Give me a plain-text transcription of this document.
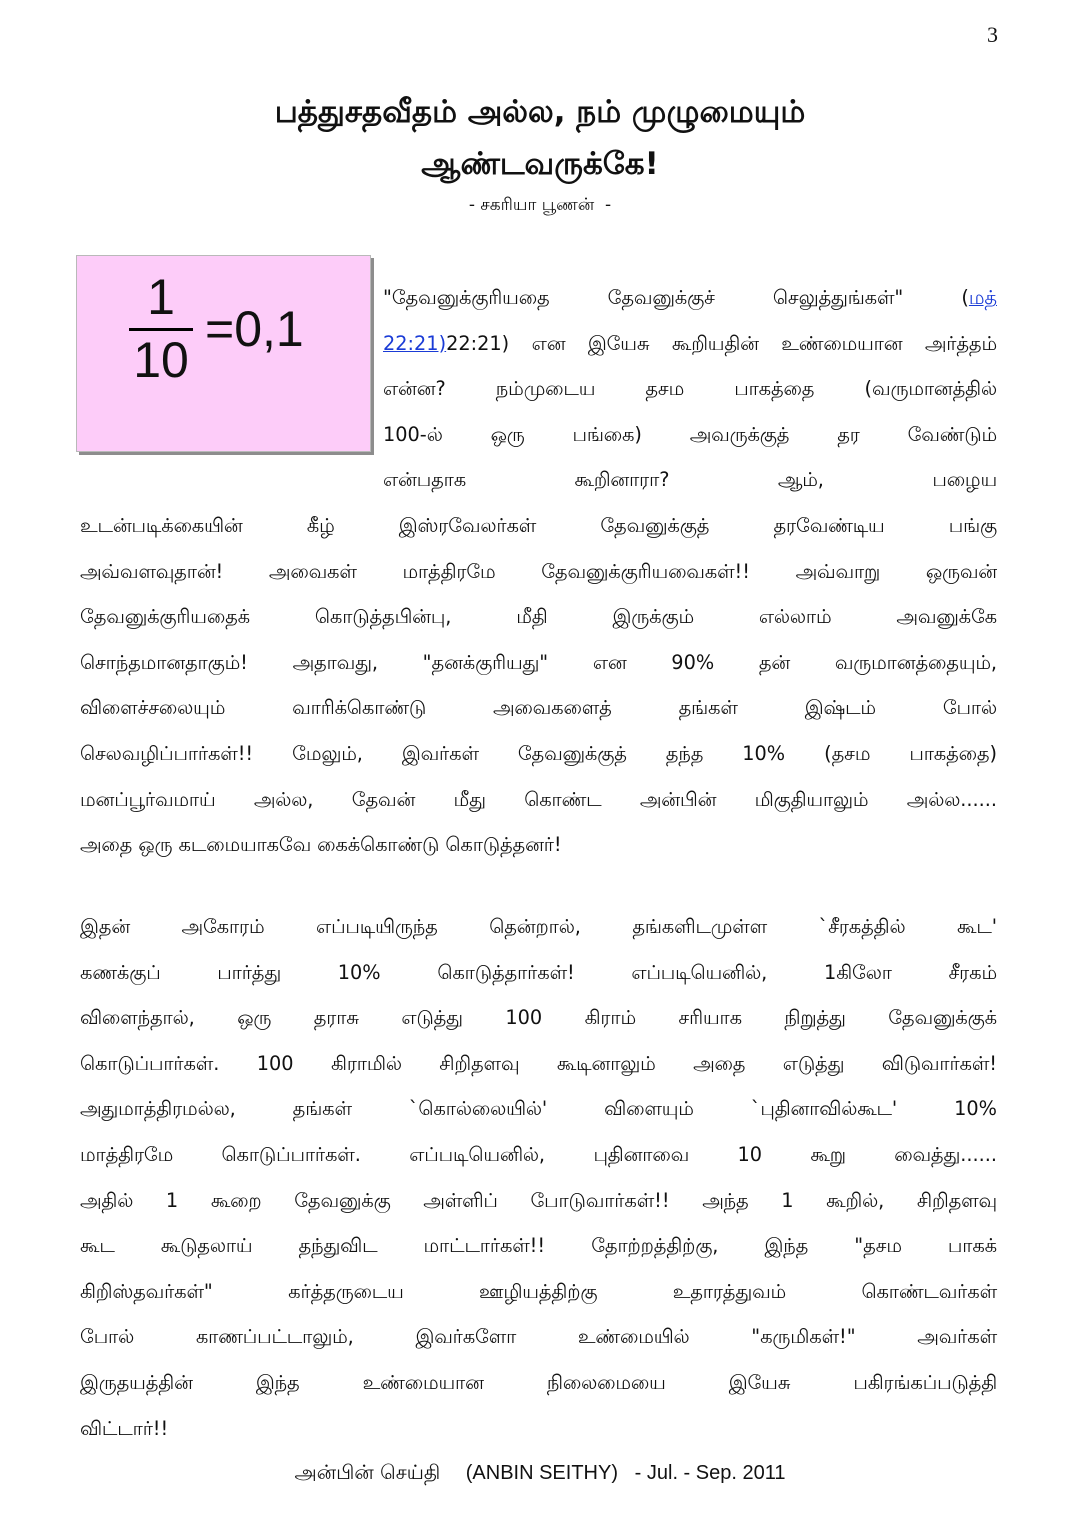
3
பத்துசதவீதம் அல்ல, நம் முழுமையும்
ஆண்டவருக்கே!
- சகரியா பூணன்  -
1
10
=0,1

"தேவனுக்குரியதை தேவனுக்குச் செலுத்துங்கள்" (மத்

22:21)22:21) என இயேசு கூறியதின் உண்மையான அர்த்தம்

என்ன? நம்முடைய தசம பாகத்தை (வருமானத்தில்

100-ல் ஒரு பங்கை) அவருக்குத் தர வேண்டும்

என்பதாக கூறினாரா? ஆம், பழைய

உடன்படிக்கையின் கீழ் இஸ்ரவேலர்கள் தேவனுக்குத் தரவேண்டிய பங்கு

அவ்வளவுதான்! அவைகள் மாத்திரமே தேவனுக்குரியவைகள்!! அவ்வாறு ஒருவன்

தேவனுக்குரியதைக் கொடுத்தபின்பு, மீதி இருக்கும் எல்லாம் அவனுக்கே

சொந்தமானதாகும்! அதாவது, "தனக்குரியது" என 90% தன் வருமானத்தையும்,

விளைச்சலையும் வாரிக்கொண்டு அவைகளைத் தங்கள் இஷ்டம் போல்

செலவழிப்பார்கள்!! மேலும், இவர்கள் தேவனுக்குத் தந்த 10% (தசம பாகத்தை)

மனப்பூர்வமாய் அல்ல, தேவன் மீது கொண்ட அன்பின் மிகுதியாலும் அல்ல......

அதை ஒரு கடமையாகவே கைக்கொண்டு கொடுத்தனர்!

இதன் அகோரம் எப்படியிருந்த தென்றால், தங்களிடமுள்ள `சீரகத்தில் கூட'

கணக்குப் பார்த்து 10% கொடுத்தார்கள்! எப்படியெனில், 1கிலோ சீரகம்

விளைந்தால், ஒரு தராசு எடுத்து 100 கிராம் சரியாக நிறுத்து தேவனுக்குக்

கொடுப்பார்கள். 100 கிராமில் சிறிதளவு கூடினாலும் அதை எடுத்து விடுவார்கள்!

அதுமாத்திரமல்ல, தங்கள் `கொல்லையில்' விளையும் `புதினாவில்கூட' 10%

மாத்திரமே கொடுப்பார்கள். எப்படியெனில், புதினாவை 10 கூறு வைத்து......

அதில் 1 கூறை தேவனுக்கு அள்ளிப் போடுவார்கள்!! அந்த 1 கூறில், சிறிதளவு

கூட கூடுதலாய் தந்துவிட மாட்டார்கள்!! தோற்றத்திற்கு, இந்த "தசம பாகக்

கிறிஸ்தவர்கள்" கர்த்தருடைய ஊழியத்திற்கு உதாரத்துவம் கொண்டவர்கள்

போல் காணப்பட்டாலும், இவர்களோ உண்மையில் "கருமிகள்!" அவர்கள்

இருதயத்தின் இந்த உண்மையான நிலைமையை இயேசு பகிரங்கப்படுத்தி

விட்டார்!!

அன்பின் செய்தி (ANBIN SEITHY)   - Jul. - Sep. 2011
